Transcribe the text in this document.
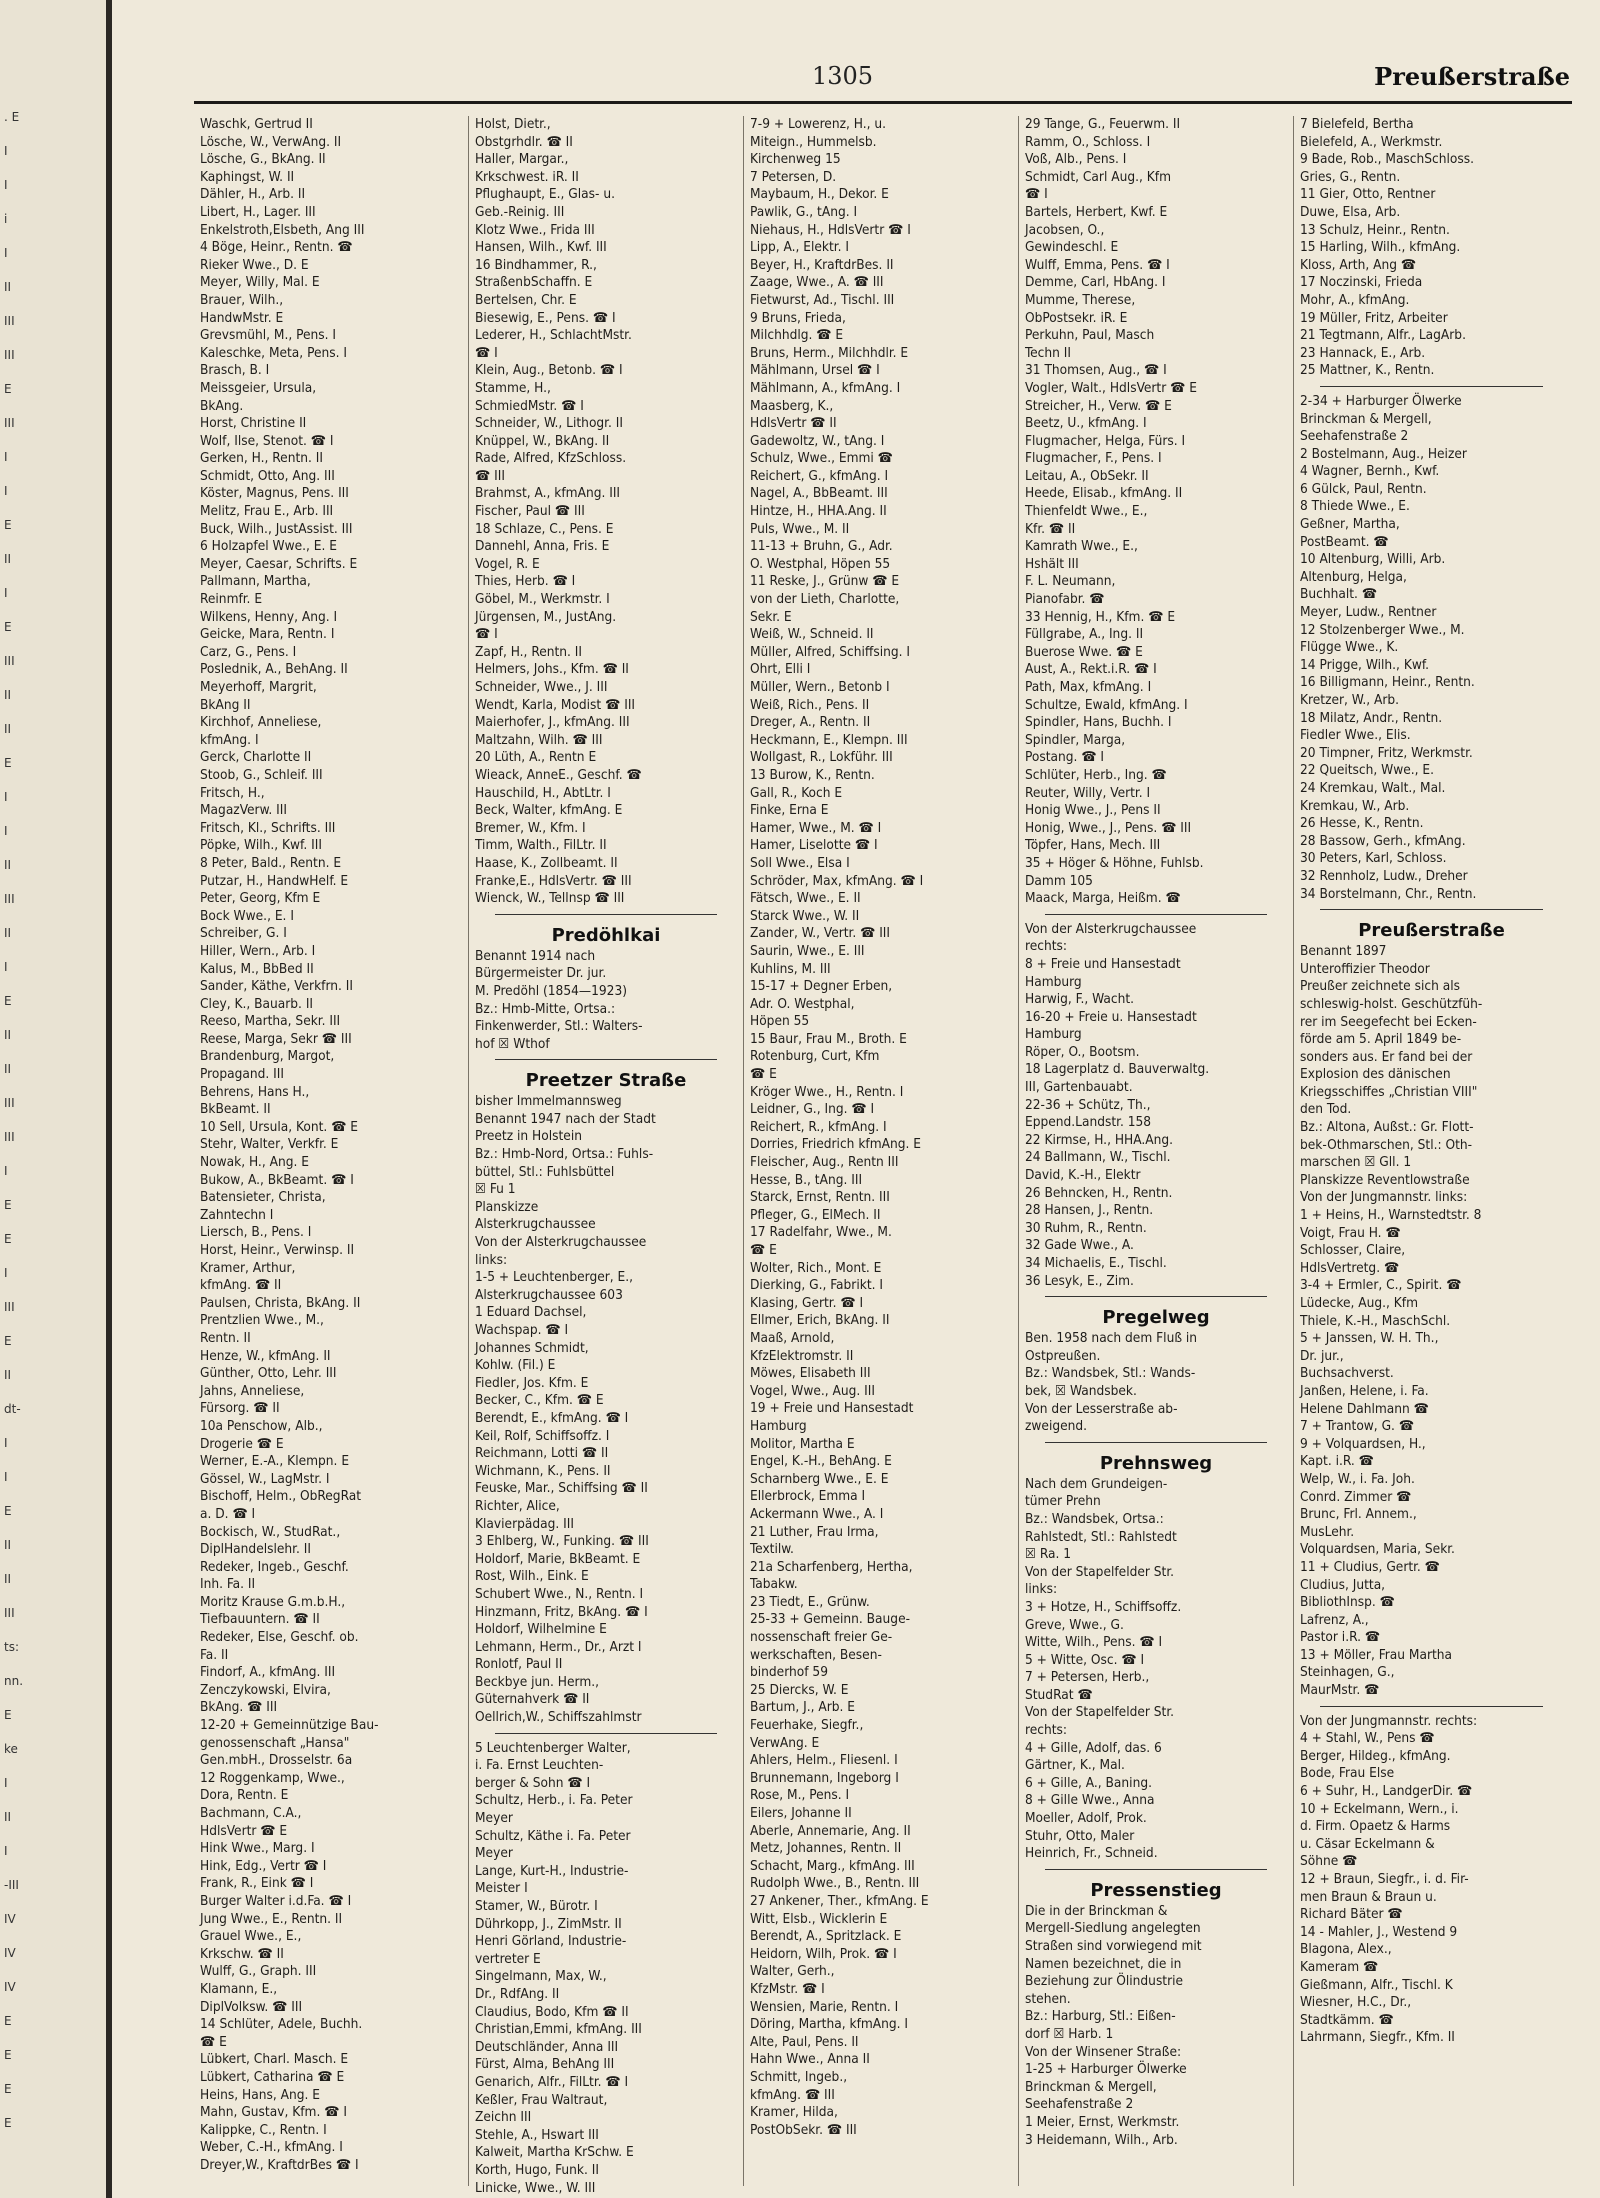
. E
I
I
i
I
II
III
III
E
III
I
I
E
II
I
E
III
II
II
E
I
I
II
III
II
I
E
II
II
III
III
I
E
E
I
III
E
II
dt-
I
I
E
II
II
III
ts:
nn.
E
ke
I
II
I
-III
IV
IV
IV
E
E
E
E
1305	Preußerstraße

Waschk, Gertrud II

Lösche, W., VerwAng. II

Lösche, G., BkAng. II

Kaphingst, W. II

Dähler, H., Arb. II

Libert, H., Lager. III

Enkelstroth,Elsbeth, Ang III

4 Böge, Heinr., Rentn. ☎

Rieker Wwe., D. E

Meyer, Willy, Mal. E

Brauer, Wilh.,

HandwMstr. E

Grevsmühl, M., Pens. I

Kaleschke, Meta, Pens. I

Brasch, B. I

Meissgeier, Ursula,

BkAng.

Horst, Christine II

Wolf, Ilse, Stenot. ☎ I

Gerken, H., Rentn. II

Schmidt, Otto, Ang. III

Köster, Magnus, Pens. III

Melitz, Frau E., Arb. III

Buck, Wilh., JustAssist. III

6 Holzapfel Wwe., E. E

Meyer, Caesar, Schrifts. E

Pallmann, Martha,

Reinmfr. E

Wilkens, Henny, Ang. I

Geicke, Mara, Rentn. I

Carz, G., Pens. I

Poslednik, A., BehAng. II

Meyerhoff, Margrit,

BkAng II

Kirchhof, Anneliese,

kfmAng. I

Gerck, Charlotte II

Stoob, G., Schleif. III

Fritsch, H.,

MagazVerw. III

Fritsch, Kl., Schrifts. III

Pöpke, Wilh., Kwf. III

8 Peter, Bald., Rentn. E

Putzar, H., HandwHelf. E

Peter, Georg, Kfm E

Bock Wwe., E. I

Schreiber, G. I

Hiller, Wern., Arb. I

Kalus, M., BbBed II

Sander, Käthe, Verkfrn. II

Cley, K., Bauarb. II

Reeso, Martha, Sekr. III

Reese, Marga, Sekr ☎ III

Brandenburg, Margot,

Propagand. III

Behrens, Hans H.,

BkBeamt. II

10 Sell, Ursula, Kont. ☎ E

Stehr, Walter, Verkfr. E

Nowak, H., Ang. E

Bukow, A., BkBeamt. ☎ I

Batensieter, Christa,

Zahntechn I

Liersch, B., Pens. I

Horst, Heinr., Verwinsp. II

Kramer, Arthur,

kfmAng. ☎ II

Paulsen, Christa, BkAng. II

Prentzlien Wwe., M.,

Rentn. II

Henze, W., kfmAng. II

Günther, Otto, Lehr. III

Jahns, Anneliese,

Fürsorg. ☎ II

10a Penschow, Alb.,

Drogerie ☎ E

Werner, E.-A., Klempn. E

Gössel, W., LagMstr. I

Bischoff, Helm., ObRegRat

a. D. ☎ I

Bockisch, W., StudRat.,

DiplHandelslehr. II

Redeker, Ingeb., Geschf.

Inh. Fa. II

Moritz Krause G.m.b.H.,

Tiefbauuntern. ☎ II

Redeker, Else, Geschf. ob.

Fa. II

Findorf, A., kfmAng. III

Zenczykowski, Elvira,

BkAng. ☎ III

12-20 + Gemeinnützige Bau-

genossenschaft „Hansa"

Gen.mbH., Drosselstr. 6a

12 Roggenkamp, Wwe.,

Dora, Rentn. E

Bachmann, C.A.,

HdlsVertr ☎ E

Hink Wwe., Marg. I

Hink, Edg., Vertr ☎ I

Frank, R., Eink ☎ I

Burger Walter i.d.Fa. ☎ I

Jung Wwe., E., Rentn. II

Grauel Wwe., E.,

Krkschw. ☎ II

Wulff, G., Graph. III

Klamann, E.,

DiplVolksw. ☎ III

14 Schlüter, Adele, Buchh.

☎ E

Lübkert, Charl. Masch. E

Lübkert, Catharina ☎ E

Heins, Hans, Ang. E

Mahn, Gustav, Kfm. ☎ I

Kalippke, C., Rentn. I

Weber, C.-H., kfmAng. I

Dreyer,W., KraftdrBes ☎ I

Holst, Dietr.,

Obstgrhdlr. ☎ II

Haller, Margar.,

Krkschwest. iR. II

Pflughaupt, E., Glas- u.

Geb.-Reinig. III

Klotz Wwe., Frida III

Hansen, Wilh., Kwf. III

16 Bindhammer, R.,

StraßenbSchaffn. E

Bertelsen, Chr. E

Biesewig, E., Pens. ☎ I

Lederer, H., SchlachtMstr.

☎ I

Klein, Aug., Betonb. ☎ I

Stamme, H.,

SchmiedMstr. ☎ I

Schneider, W., Lithogr. II

Knüppel, W., BkAng. II

Rade, Alfred, KfzSchloss.

☎ III

Brahmst, A., kfmAng. III

Fischer, Paul ☎ III

18 Schlaze, C., Pens. E

Dannehl, Anna, Fris. E

Vogel, R. E

Thies, Herb. ☎ I

Göbel, M., Werkmstr. I

Jürgensen, M., JustAng.

☎ I

Zapf, H., Rentn. II

Helmers, Johs., Kfm. ☎ II

Schneider, Wwe., J. III

Wendt, Karla, Modist ☎ III

Maierhofer, J., kfmAng. III

Maltzahn, Wilh. ☎ III

20 Lüth, A., Rentn E

Wieack, AnneE., Geschf. ☎

Hauschild, H., AbtLtr. I

Beck, Walter, kfmAng. E

Bremer, W., Kfm. I

Timm, Walth., FilLtr. II

Haase, K., Zollbeamt. II

Franke,E., HdlsVertr. ☎ III

Wienck, W., Tellnsp ☎ III

Predöhlkai

Benannt 1914 nach

Bürgermeister Dr. jur.

M. Predöhl (1854—1923)

Bz.: Hmb-Mitte, Ortsa.:

Finkenwerder, Stl.: Walters-

hof ☒ Wthof

Preetzer Straße

bisher Immelmannsweg

Benannt 1947 nach der Stadt

Preetz in Holstein

Bz.: Hmb-Nord, Ortsa.: Fuhls-

büttel, Stl.: Fuhlsbüttel

☒ Fu 1

Planskizze

Alsterkrugchaussee

Von der Alsterkrugchaussee

links:

1-5 + Leuchtenberger, E.,

Alsterkrugchaussee 603

1 Eduard Dachsel,

Wachspap. ☎ I

Johannes Schmidt,

Kohlw. (Fil.) E

Fiedler, Jos. Kfm. E

Becker, C., Kfm. ☎ E

Berendt, E., kfmAng. ☎ I

Keil, Rolf, Schiffsoffz. I

Reichmann, Lotti ☎ II

Wichmann, K., Pens. II

Feuske, Mar., Schiffsing ☎ II

Richter, Alice,

Klavierpädag. III

3 Ehlberg, W., Funking. ☎ III

Holdorf, Marie, BkBeamt. E

Rost, Wilh., Eink. E

Schubert Wwe., N., Rentn. I

Hinzmann, Fritz, BkAng. ☎ I

Holdorf, Wilhelmine E

Lehmann, Herm., Dr., Arzt I

Ronlotf, Paul II

Beckbye jun. Herm.,

Güternahverk ☎ II

Oellrich,W., Schiffszahlmstr

5 Leuchtenberger Walter,

i. Fa. Ernst Leuchten-

berger & Sohn ☎ I

Schultz, Herb., i. Fa. Peter

Meyer

Schultz, Käthe i. Fa. Peter

Meyer

Lange, Kurt-H., Industrie-

Meister I

Stamer, W., Bürotr. I

Dührkopp, J., ZimMstr. II

Henri Görland, Industrie-

vertreter E

Singelmann, Max, W.,

Dr., RdfAng. II

Claudius, Bodo, Kfm ☎ II

Christian,Emmi, kfmAng. III

Deutschländer, Anna III

Fürst, Alma, BehAng III

Genarich, Alfr., FilLtr. ☎ I

Keßler, Frau Waltraut,

Zeichn III

Stehle, A., Hswart III

Kalweit, Martha KrSchw. E

Korth, Hugo, Funk. II

Linicke, Wwe., W. III

7-9 + Lowerenz, H., u.

Miteign., Hummelsb.

Kirchenweg 15

7 Petersen, D.

Maybaum, H., Dekor. E

Pawlik, G., tAng. I

Niehaus, H., HdlsVertr ☎ I

Lipp, A., Elektr. I

Beyer, H., KraftdrBes. II

Zaage, Wwe., A. ☎ III

Fietwurst, Ad., Tischl. III

9 Bruns, Frieda,

Milchhdlg. ☎ E

Bruns, Herm., Milchhdlr. E

Mählmann, Ursel ☎ I

Mählmann, A., kfmAng. I

Maasberg, K.,

HdlsVertr ☎ II

Gadewoltz, W., tAng. I

Schulz, Wwe., Emmi ☎

Reichert, G., kfmAng. I

Nagel, A., BbBeamt. III

Hintze, H., HHA.Ang. II

Puls, Wwe., M. II

11-13 + Bruhn, G., Adr.

O. Westphal, Höpen 55

11 Reske, J., Grünw ☎ E

von der Lieth, Charlotte,

Sekr. E

Weiß, W., Schneid. II

Müller, Alfred, Schiffsing. I

Ohrt, Elli I

Müller, Wern., Betonb I

Weiß, Rich., Pens. II

Dreger, A., Rentn. II

Heckmann, E., Klempn. III

Wollgast, R., Lokführ. III

13 Burow, K., Rentn.

Gall, R., Koch E

Finke, Erna E

Hamer, Wwe., M. ☎ I

Hamer, Liselotte ☎ I

Soll Wwe., Elsa I

Schröder, Max, kfmAng. ☎ I

Fätsch, Wwe., E. II

Starck Wwe., W. II

Zander, W., Vertr. ☎ III

Saurin, Wwe., E. III

Kuhlins, M. III

15-17 + Degner Erben,

Adr. O. Westphal,

Höpen 55

15 Baur, Frau M., Broth. E

Rotenburg, Curt, Kfm

☎ E

Kröger Wwe., H., Rentn. I

Leidner, G., Ing. ☎ I

Reichert, R., kfmAng. I

Dorries, Friedrich kfmAng. E

Fleischer, Aug., Rentn III

Hesse, B., tAng. III

Starck, Ernst, Rentn. III

Pfleger, G., ElMech. II

17 Radelfahr, Wwe., M.

☎ E

Wolter, Rich., Mont. E

Dierking, G., Fabrikt. I

Klasing, Gertr. ☎ I

Ellmer, Erich, BkAng. II

Maaß, Arnold,

KfzElektromstr. II

Möwes, Elisabeth III

Vogel, Wwe., Aug. III

19 + Freie und Hansestadt

Hamburg

Molitor, Martha E

Engel, K.-H., BehAng. E

Scharnberg Wwe., E. E

Ellerbrock, Emma I

Ackermann Wwe., A. I

21 Luther, Frau Irma,

Textilw.

21a Scharfenberg, Hertha,

Tabakw.

23 Tiedt, E., Grünw.

25-33 + Gemeinn. Bauge-

nossenschaft freier Ge-

werkschaften, Besen-

binderhof 59

25 Diercks, W. E

Bartum, J., Arb. E

Feuerhake, Siegfr.,

VerwAng. E

Ahlers, Helm., Fliesenl. I

Brunnemann, Ingeborg I

Rose, M., Pens. I

Eilers, Johanne II

Aberle, Annemarie, Ang. II

Metz, Johannes, Rentn. II

Schacht, Marg., kfmAng. III

Rudolph Wwe., B., Rentn. III

27 Ankener, Ther., kfmAng. E

Witt, Elsb., Wicklerin E

Berendt, A., Spritzlack. E

Heidorn, Wilh, Prok. ☎ I

Walter, Gerh.,

KfzMstr. ☎ I

Wensien, Marie, Rentn. I

Döring, Martha, kfmAng. I

Alte, Paul, Pens. II

Hahn Wwe., Anna II

Schmitt, Ingeb.,

kfmAng. ☎ III

Kramer, Hilda,

PostObSekr. ☎ III

29 Tange, G., Feuerwm. II

Ramm, O., Schloss. I

Voß, Alb., Pens. I

Schmidt, Carl Aug., Kfm

☎ I

Bartels, Herbert, Kwf. E

Jacobsen, O.,

Gewindeschl. E

Wulff, Emma, Pens. ☎ I

Demme, Carl, HbAng. I

Mumme, Therese,

ObPostsekr. iR. E

Perkuhn, Paul, Masch

Techn II

31 Thomsen, Aug., ☎ I

Vogler, Walt., HdlsVertr ☎ E

Streicher, H., Verw. ☎ E

Beetz, U., kfmAng. I

Flugmacher, Helga, Fürs. I

Flugmacher, F., Pens. I

Leitau, A., ObSekr. II

Heede, Elisab., kfmAng. II

Thienfeldt Wwe., E.,

Kfr. ☎ II

Kamrath Wwe., E.,

Hshält III

F. L. Neumann,

Pianofabr. ☎

33 Hennig, H., Kfm. ☎ E

Füllgrabe, A., Ing. II

Buerose Wwe. ☎ E

Aust, A., Rekt.i.R. ☎ I

Path, Max, kfmAng. I

Schultze, Ewald, kfmAng. I

Spindler, Hans, Buchh. I

Spindler, Marga,

Postang. ☎ I

Schlüter, Herb., Ing. ☎

Reuter, Willy, Vertr. I

Honig Wwe., J., Pens II

Honig, Wwe., J., Pens. ☎ III

Töpfer, Hans, Mech. III

35 + Höger & Höhne, Fuhlsb.

Damm 105

Maack, Marga, Heißm. ☎

Von der Alsterkrugchaussee

rechts:

8 + Freie und Hansestadt

Hamburg

Harwig, F., Wacht.

16-20 + Freie u. Hansestadt

Hamburg

Röper, O., Bootsm.

18 Lagerplatz d. Bauverwaltg.

III, Gartenbauabt.

22-36 + Schütz, Th.,

Eppend.Landstr. 158

22 Kirmse, H., HHA.Ang.

24 Ballmann, W., Tischl.

David, K.-H., Elektr

26 Behncken, H., Rentn.

28 Hansen, J., Rentn.

30 Ruhm, R., Rentn.

32 Gade Wwe., A.

34 Michaelis, E., Tischl.

36 Lesyk, E., Zim.

Pregelweg

Ben. 1958 nach dem Fluß in

Ostpreußen.

Bz.: Wandsbek, Stl.: Wands-

bek, ☒ Wandsbek.

Von der Lesserstraße ab-

zweigend.

Prehnsweg

Nach dem Grundeigen-

tümer Prehn

Bz.: Wandsbek, Ortsa.:

Rahlstedt, Stl.: Rahlstedt

☒ Ra. 1

Von der Stapelfelder Str.

links:

3 + Hotze, H., Schiffsoffz.

Greve, Wwe., G.

Witte, Wilh., Pens. ☎ I

5 + Witte, Osc. ☎ I

7 + Petersen, Herb.,

StudRat ☎

Von der Stapelfelder Str.

rechts:

4 + Gille, Adolf, das. 6

Gärtner, K., Mal.

6 + Gille, A., Baning.

8 + Gille Wwe., Anna

Moeller, Adolf, Prok.

Stuhr, Otto, Maler

Heinrich, Fr., Schneid.

Pressenstieg

Die in der Brinckman &

Mergell-Siedlung angelegten

Straßen sind vorwiegend mit

Namen bezeichnet, die in

Beziehung zur Ölindustrie

stehen.

Bz.: Harburg, Stl.: Eißen-

dorf ☒ Harb. 1

Von der Winsener Straße:

1-25 + Harburger Ölwerke

Brinckman & Mergell,

Seehafenstraße 2

1 Meier, Ernst, Werkmstr.

3 Heidemann, Wilh., Arb.

7 Bielefeld, Bertha

Bielefeld, A., Werkmstr.

9 Bade, Rob., MaschSchloss.

Gries, G., Rentn.

11 Gier, Otto, Rentner

Duwe, Elsa, Arb.

13 Schulz, Heinr., Rentn.

15 Harling, Wilh., kfmAng.

Kloss, Arth, Ang ☎

17 Noczinski, Frieda

Mohr, A., kfmAng.

19 Müller, Fritz, Arbeiter

21 Tegtmann, Alfr., LagArb.

23 Hannack, E., Arb.

25 Mattner, K., Rentn.

2-34 + Harburger Ölwerke

Brinckman & Mergell,

Seehafenstraße 2

2 Bostelmann, Aug., Heizer

4 Wagner, Bernh., Kwf.

6 Gülck, Paul, Rentn.

8 Thiede Wwe., E.

Geßner, Martha,

PostBeamt. ☎

10 Altenburg, Willi, Arb.

Altenburg, Helga,

Buchhalt. ☎

Meyer, Ludw., Rentner

12 Stolzenberger Wwe., M.

Flügge Wwe., K.

14 Prigge, Wilh., Kwf.

16 Billigmann, Heinr., Rentn.

Kretzer, W., Arb.

18 Milatz, Andr., Rentn.

Fiedler Wwe., Elis.

20 Timpner, Fritz, Werkmstr.

22 Queitsch, Wwe., E.

24 Kremkau, Walt., Mal.

Kremkau, W., Arb.

26 Hesse, K., Rentn.

28 Bassow, Gerh., kfmAng.

30 Peters, Karl, Schloss.

32 Rennholz, Ludw., Dreher

34 Borstelmann, Chr., Rentn.

Preußerstraße

Benannt 1897

Unteroffizier Theodor

Preußer zeichnete sich als

schleswig-holst. Geschützfüh-

rer im Seegefecht bei Ecken-

förde am 5. April 1849 be-

sonders aus. Er fand bei der

Explosion des dänischen

Kriegsschiffes „Christian VIII"

den Tod.

Bz.: Altona, Außst.: Gr. Flott-

bek-Othmarschen, Stl.: Oth-

marschen ☒ Gll. 1

Planskizze Reventlowstraße

Von der Jungmannstr. links:

1 + Heins, H., Warnstedtstr. 8

Voigt, Frau H. ☎

Schlosser, Claire,

HdlsVertretg. ☎

3-4 + Ermler, C., Spirit. ☎

Lüdecke, Aug., Kfm

Thiele, K.-H., MaschSchl.

5 + Janssen, W. H. Th.,

Dr. jur.,

Buchsachverst.

Janßen, Helene, i. Fa.

Helene Dahlmann ☎

7 + Trantow, G. ☎

9 + Volquardsen, H.,

Kapt. i.R. ☎

Welp, W., i. Fa. Joh.

Conrd. Zimmer ☎

Brunc, Frl. Annem.,

MusLehr.

Volquardsen, Maria, Sekr.

11 + Cludius, Gertr. ☎

Cludius, Jutta,

BibliothInsp. ☎

Lafrenz, A.,

Pastor i.R. ☎

13 + Möller, Frau Martha

Steinhagen, G.,

MaurMstr. ☎

Von der Jungmannstr. rechts:

4 + Stahl, W., Pens ☎

Berger, Hildeg., kfmAng.

Bode, Frau Else

6 + Suhr, H., LandgerDir. ☎

10 + Eckelmann, Wern., i.

d. Firm. Opaetz & Harms

u. Cäsar Eckelmann &

Söhne ☎

12 + Braun, Siegfr., i. d. Fir-

men Braun & Braun u.

Richard Bäter ☎

14 - Mahler, J., Westend 9

Blagona, Alex.,

Kameram ☎

Gießmann, Alfr., Tischl. K

Wiesner, H.C., Dr.,

Stadtkämm. ☎

Lahrmann, Siegfr., Kfm. II
